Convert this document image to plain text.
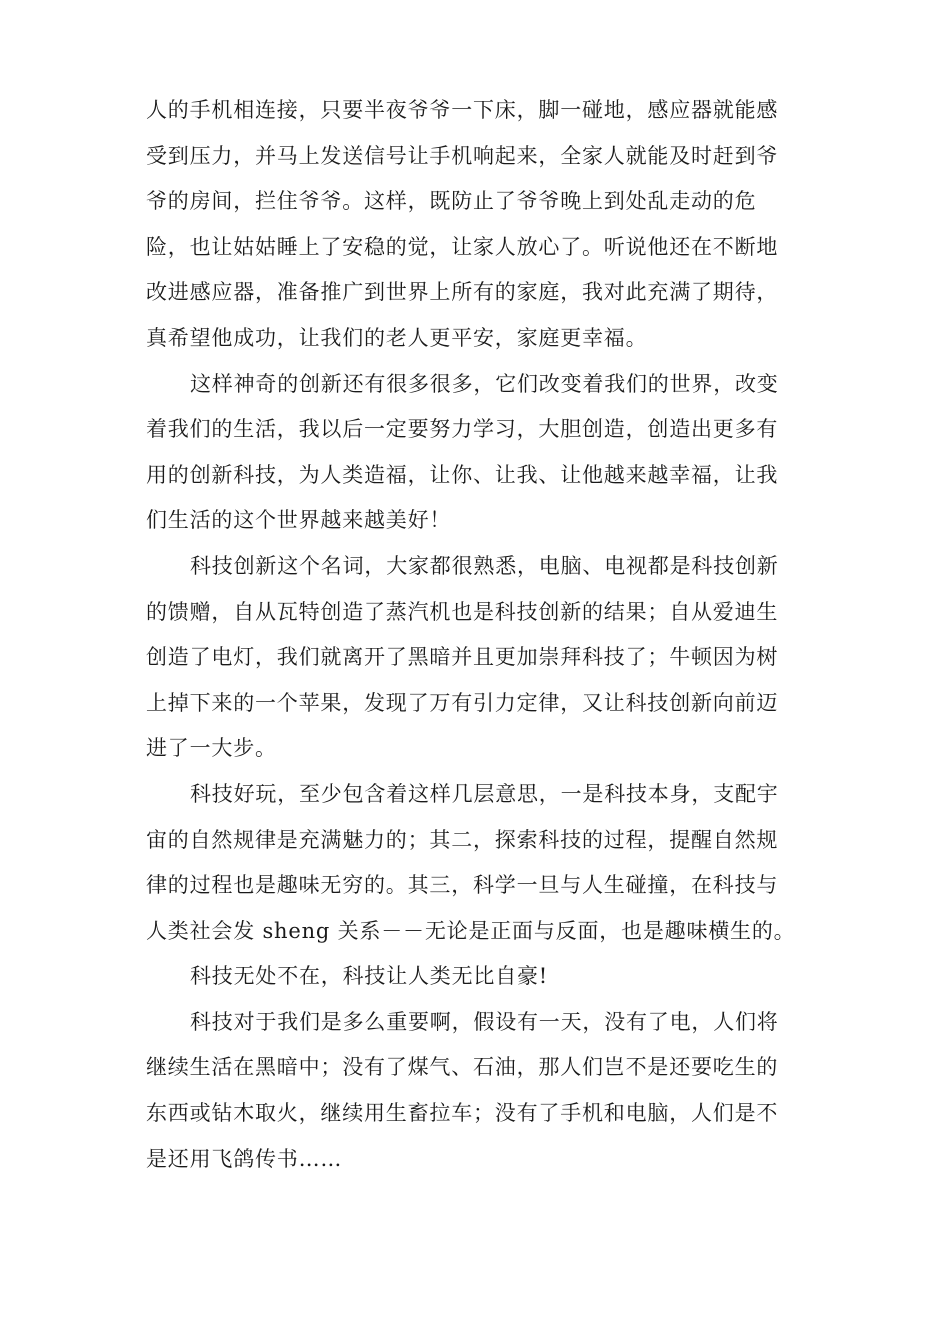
人的手机相连接，只要半夜爷爷一下床，脚一碰地，感应器就能感
受到压力，并马上发送信号让手机响起来，全家人就能及时赶到爷
爷的房间，拦住爷爷。这样，既防止了爷爷晚上到处乱走动的危
险，也让姑姑睡上了安稳的觉，让家人放心了。听说他还在不断地
改进感应器，准备推广到世界上所有的家庭，我对此充满了期待，
真希望他成功，让我们的老人更平安，家庭更幸福。
这样神奇的创新还有很多很多，它们改变着我们的世界，改变
着我们的生活，我以后一定要努力学习，大胆创造，创造出更多有
用的创新科技，为人类造福，让你、让我、让他越来越幸福，让我
们生活的这个世界越来越美好！
科技创新这个名词，大家都很熟悉，电脑、电视都是科技创新
的馈赠，自从瓦特创造了蒸汽机也是科技创新的结果；自从爱迪生
创造了电灯，我们就离开了黑暗并且更加崇拜科技了；牛顿因为树
上掉下来的一个苹果，发现了万有引力定律，又让科技创新向前迈
进了一大步。
科技好玩，至少包含着这样几层意思，一是科技本身，支配宇
宙的自然规律是充满魅力的；其二，探索科技的过程，提醒自然规
律的过程也是趣味无穷的。其三，科学一旦与人生碰撞，在科技与
人类社会发 sheng 关系－－无论是正面与反面，也是趣味横生的。
科技无处不在，科技让人类无比自豪!
科技对于我们是多么重要啊，假设有一天，没有了电，人们将
继续生活在黑暗中；没有了煤气、石油，那人们岂不是还要吃生的
东西或钻木取火，继续用生畜拉车；没有了手机和电脑，人们是不
是还用飞鸽传书……
